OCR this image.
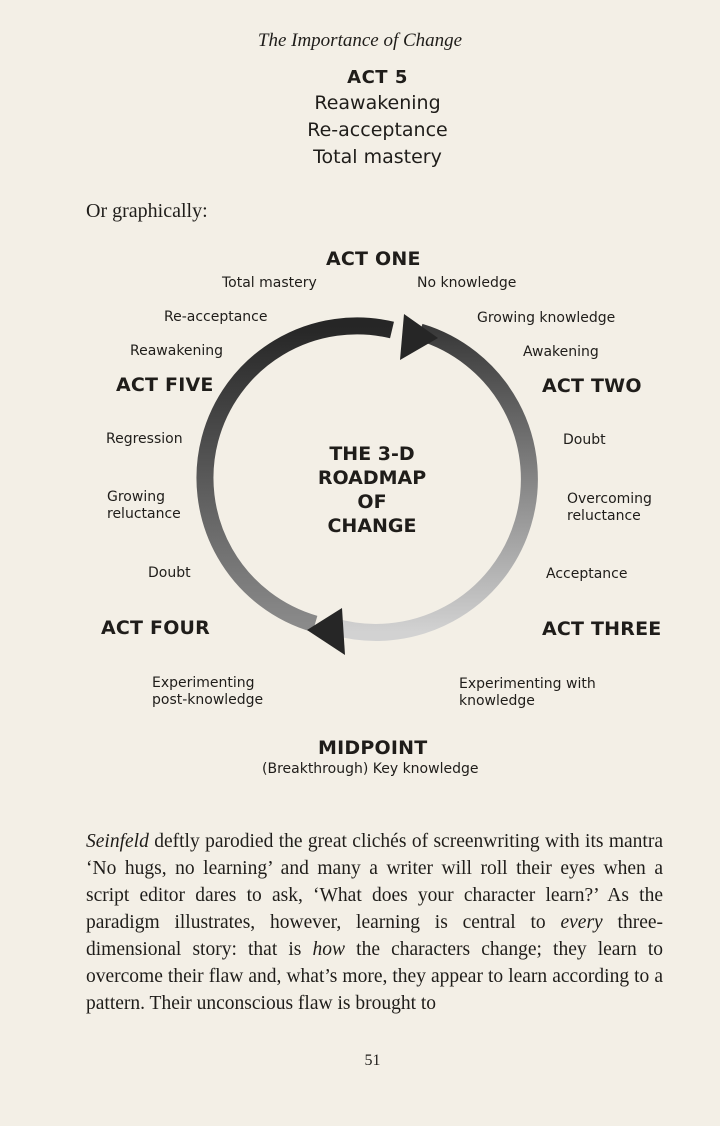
The Importance of Change
ACT 5
Reawakening
Re-acceptance
Total mastery
Or graphically:
THE 3-D
ROADMAP
OF
CHANGE
ACT ONE
ACT TWO
ACT THREE
ACT FOUR
ACT FIVE
MIDPOINT
(Breakthrough) Key knowledge
Total mastery	No knowledge
Re-acceptance	Growing knowledge
Reawakening	Awakening
Regression	Doubt
Growing
reluctance
Overcoming
reluctance
Doubt	Acceptance
Experimenting
post-knowledge
Experimenting with
knowledge

Seinfeld deftly parodied the great clichés of screenwriting with its mantra ‘No hugs, no learning’ and many a writer will roll their eyes when a script editor dares to ask, ‘What does your character learn?’ As the paradigm illustrates, however, learning is central to every three-dimensional story: that is how the characters change; they learn to overcome their flaw and, what’s more, they appear to learn according to a pattern. Their unconscious flaw is brought to

51
